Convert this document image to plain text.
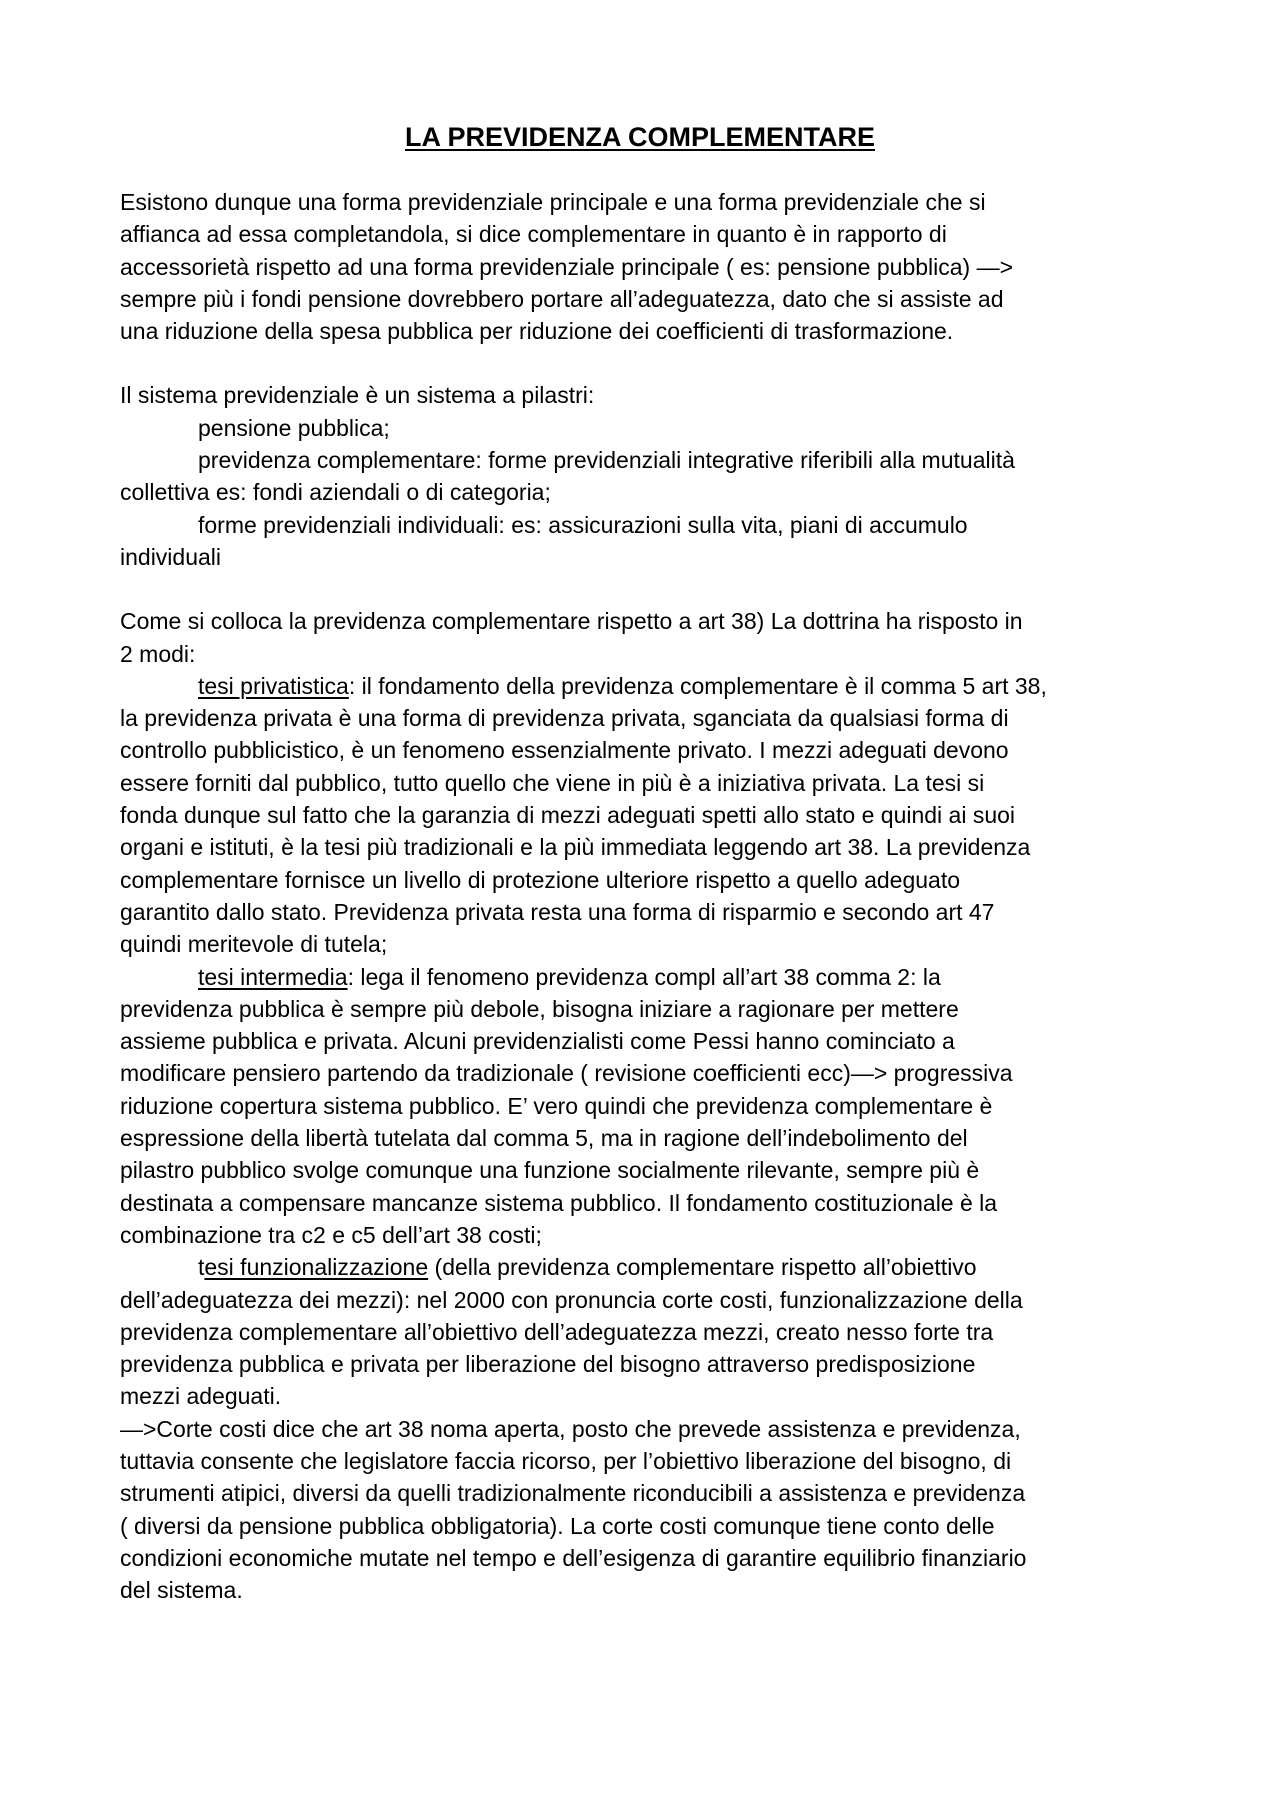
LA PREVIDENZA COMPLEMENTARE

Esistono dunque una forma previdenziale principale e una forma previdenziale che si

affianca ad essa completandola, si dice complementare in quanto è in rapporto di

accessorietà rispetto ad una forma previdenziale principale ( es: pensione pubblica) —>

sempre più i fondi pensione dovrebbero portare all’adeguatezza, dato che si assiste ad

una riduzione della spesa pubblica per riduzione dei coefficienti di trasformazione.

Il sistema previdenziale è un sistema a pilastri:

pensione pubblica;

previdenza complementare: forme previdenziali integrative riferibili alla mutualità

collettiva es: fondi aziendali o di categoria;

forme previdenziali individuali: es: assicurazioni sulla vita, piani di accumulo

individuali

Come si colloca la previdenza complementare rispetto a art 38) La dottrina ha risposto in

2 modi:

tesi privatistica: il fondamento della previdenza complementare è il comma 5 art 38,

la previdenza privata è una forma di previdenza privata, sganciata da qualsiasi forma di

controllo pubblicistico, è un fenomeno essenzialmente privato. I mezzi adeguati devono

essere forniti dal pubblico, tutto quello che viene in più è a iniziativa privata. La tesi si

fonda dunque sul fatto che la garanzia di mezzi adeguati spetti allo stato e quindi ai suoi

organi e istituti, è la tesi più tradizionali e la più immediata leggendo art 38. La previdenza

complementare fornisce un livello di protezione ulteriore rispetto a quello adeguato

garantito dallo stato. Previdenza privata resta una forma di risparmio e secondo art 47

quindi meritevole di tutela;

tesi intermedia: lega il fenomeno previdenza compl all’art 38 comma 2: la

previdenza pubblica è sempre più debole, bisogna iniziare a ragionare per mettere

assieme pubblica e privata. Alcuni previdenzialisti come Pessi hanno cominciato a

modificare pensiero partendo da tradizionale ( revisione coefficienti ecc)—> progressiva

riduzione copertura sistema pubblico. E’ vero quindi che previdenza complementare è

espressione della libertà tutelata dal comma 5, ma in ragione dell’indebolimento del

pilastro pubblico svolge comunque una funzione socialmente rilevante, sempre più è

destinata a compensare mancanze sistema pubblico. Il fondamento costituzionale è la

combinazione tra c2 e c5 dell’art 38 costi;

tesi funzionalizzazione (della previdenza complementare rispetto all’obiettivo

dell’adeguatezza dei mezzi): nel 2000 con pronuncia corte costi, funzionalizzazione della

previdenza complementare all’obiettivo dell’adeguatezza mezzi, creato nesso forte tra

previdenza pubblica e privata per liberazione del bisogno attraverso predisposizione

mezzi adeguati.

—>Corte costi dice che art 38 noma aperta, posto che prevede assistenza e previdenza,

tuttavia consente che legislatore faccia ricorso, per l’obiettivo liberazione del bisogno, di

strumenti atipici, diversi da quelli tradizionalmente riconducibili a assistenza e previdenza

( diversi da pensione pubblica obbligatoria). La corte costi comunque tiene conto delle

condizioni economiche mutate nel tempo e dell’esigenza di garantire equilibrio finanziario

del sistema.
